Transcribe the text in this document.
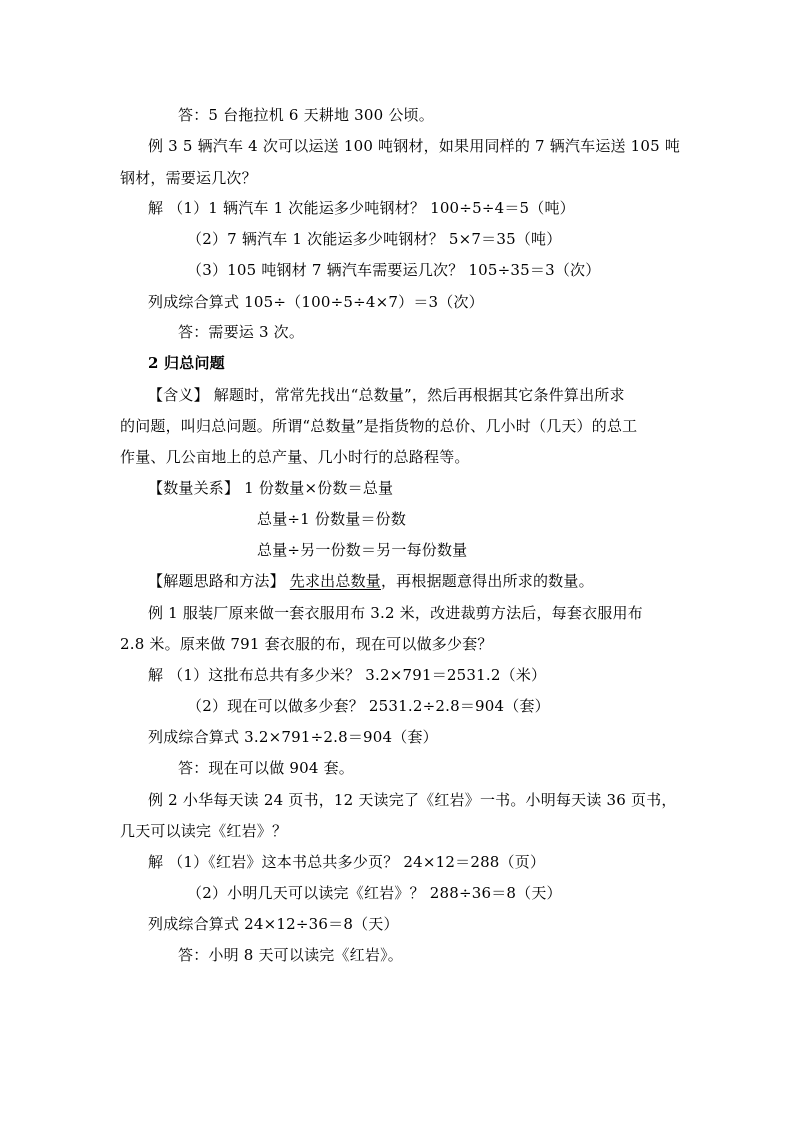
答：5 台拖拉机 6 天耕地 300 公顷。
例 3 5 辆汽车 4 次可以运送 100 吨钢材，如果用同样的 7 辆汽车运送 105 吨
钢材，需要运几次？
解 （1）1 辆汽车 1 次能运多少吨钢材？ 100÷5÷4＝5（吨）
（2）7 辆汽车 1 次能运多少吨钢材？ 5×7＝35（吨）
（3）105 吨钢材 7 辆汽车需要运几次？ 105÷35＝3（次）
列成综合算式 105÷（100÷5÷4×7）＝3（次）
答：需要运 3 次。
2 归总问题
【含义】 解题时，常常先找出“总数量”，然后再根据其它条件算出所求
的问题，叫归总问题。所谓“总数量”是指货物的总价、几小时（几天）的总工
作量、几公亩地上的总产量、几小时行的总路程等。
【数量关系】 1 份数量×份数＝总量
总量÷1 份数量＝份数
总量÷另一份数＝另一每份数量
【解题思路和方法】 先求出总数量，再根据题意得出所求的数量。
例 1 服装厂原来做一套衣服用布 3.2 米，改进裁剪方法后，每套衣服用布
2.8 米。原来做 791 套衣服的布，现在可以做多少套？
解 （1）这批布总共有多少米？ 3.2×791＝2531.2（米）
（2）现在可以做多少套？ 2531.2÷2.8＝904（套）
列成综合算式 3.2×791÷2.8＝904（套）
答：现在可以做 904 套。
例 2 小华每天读 24 页书，12 天读完了《红岩》一书。小明每天读 36 页书，
几天可以读完《红岩》？
解 （1）《红岩》这本书总共多少页？ 24×12＝288（页）
（2）小明几天可以读完《红岩》？ 288÷36＝8（天）
列成综合算式 24×12÷36＝8（天）
答：小明 8 天可以读完《红岩》。
